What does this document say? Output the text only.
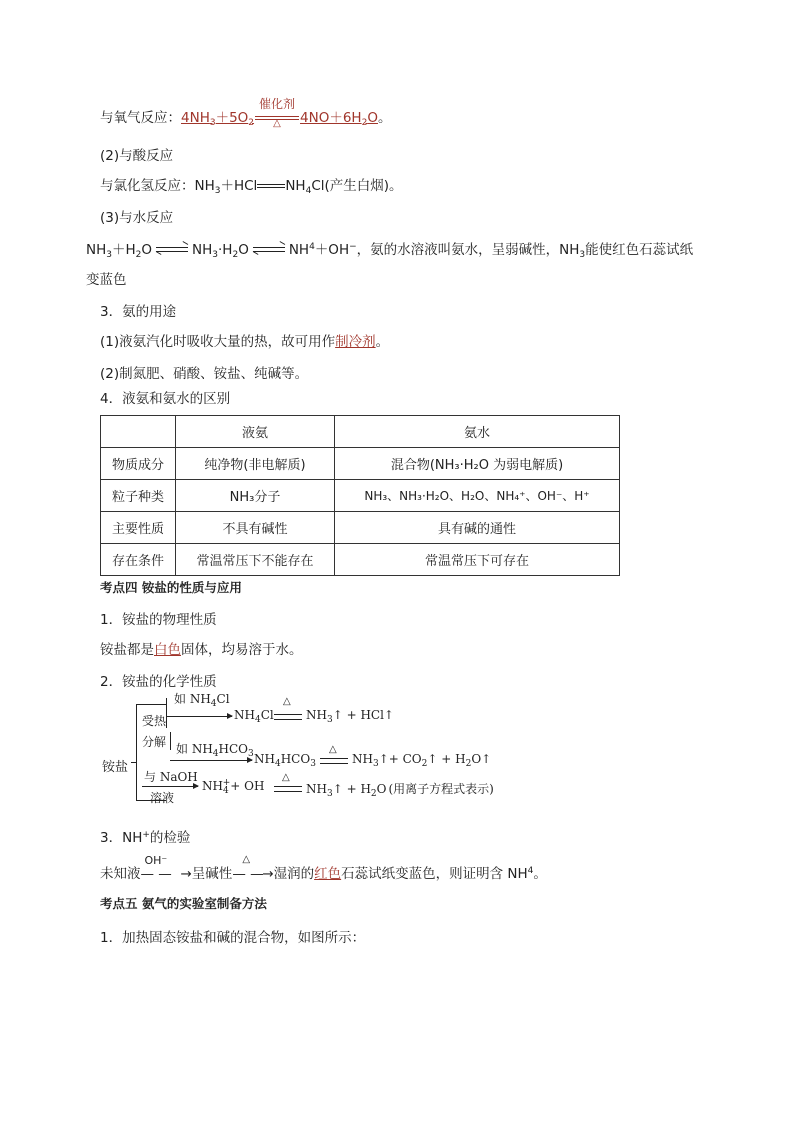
与氧气反应：$4NH_3+5O_2$
催化剂
△	$4NO+6H_2O$。
(2)与酸反应
与氯化氢反应：$NH_3+HCl$ $NH_4Cl$(产生白烟)。
(3)与水反应
$NH_3+H_2O$	$NH_3\cdot H_2O$	$NH^4+OH^-$，氨的水溶液叫氨水，呈弱碱性，$NH_3$能使红色石蕊试纸
变蓝色
3．氨的用途
(1)液氨汽化时吸收大量的热，故可用作制冷剂。
(2)制氮肥、硝酸、铵盐、纯碱等。
4．液氨和氨水的区别
	液氨	氨水
物质成分	纯净物(非电解质)	混合物(NH₃·H₂O 为弱电解质)
粒子种类	NH₃分子	NH₃、NH₃·H₂O、H₂O、NH₄⁺、OH⁻、H⁺
主要性质	不具有碱性	具有碱的通性
存在条件	常温常压下不能存在	常温常压下可存在
考点四 铵盐的性质与应用
1．铵盐的物理性质
铵盐都是白色固体，均易溶于水。
2．铵盐的化学性质
铵盐
受热
分解
如 $NH_4Cl$
$NH_4Cl$
△
$NH_3↑$ + HCl↑
如 $NH_4HCO_3$ $NH_4HCO_3$
△
$NH_3↑+$ $CO_2↑$ + $H_2O↑$
与 NaOH
溶液
$NH_4^++$ OH
△
$NH_3↑ + H_2O$ (用离子方程式表示)
3．NH+的检验
未知液
OH⁻
— — →呈碱性
△
— —→湿润的红色石蕊试纸变蓝色，则证明含 $NH^4$。
考点五 氨气的实验室制备方法
1．加热固态铵盐和碱的混合物，如图所示：
